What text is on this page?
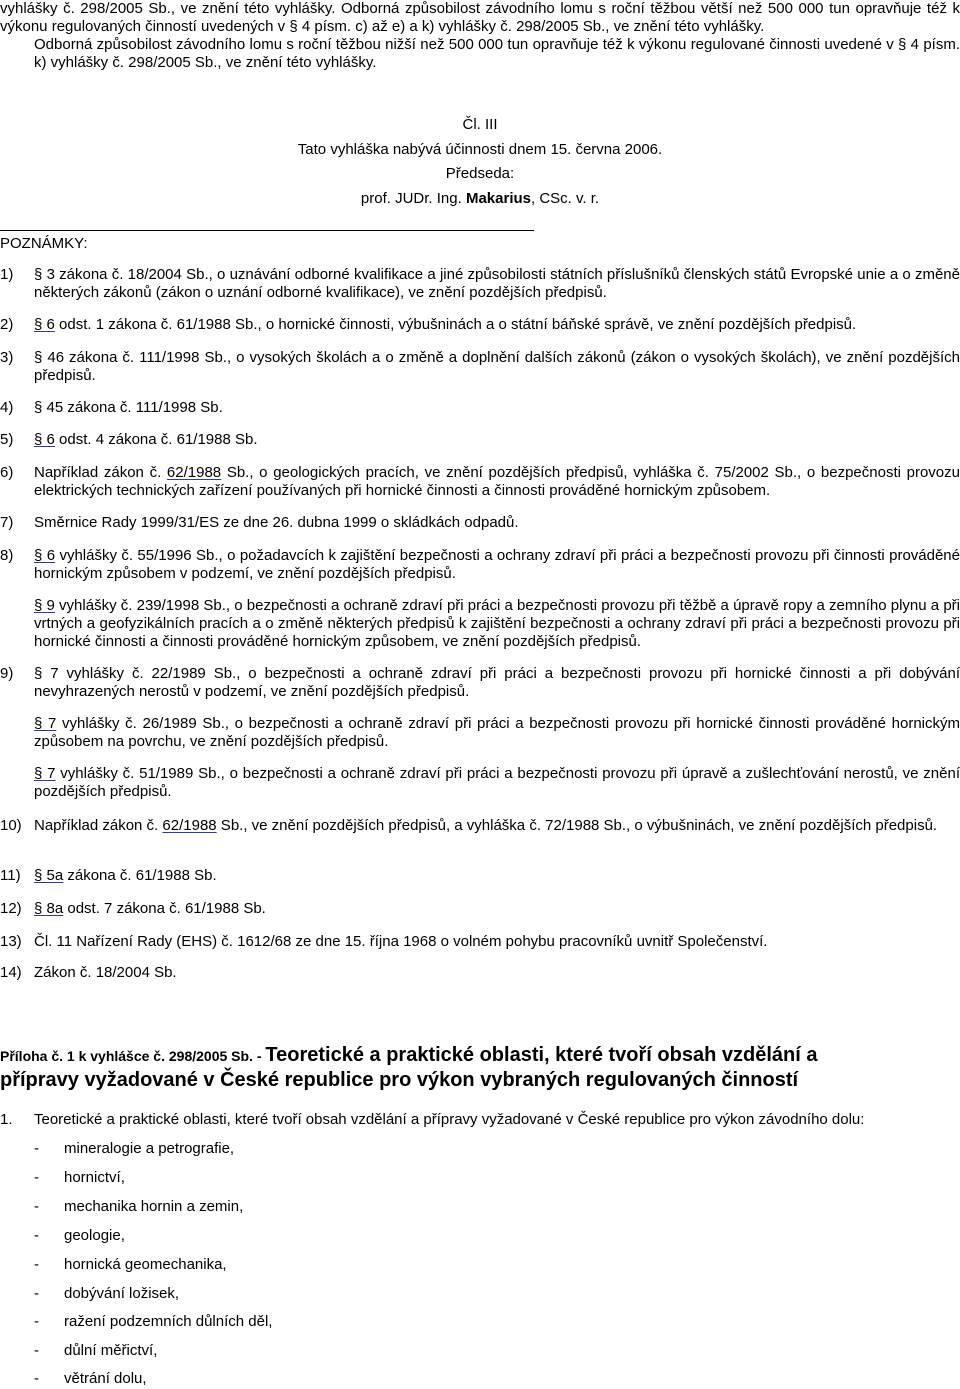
vyhlášky č. 298/2005 Sb., ve znění této vyhlášky. Odborná způsobilost závodního lomu s roční těžbou větší než 500 000 tun opravňuje též k výkonu regulovaných činností uvedených v § 4 písm. c) až e) a k) vyhlášky č. 298/2005 Sb., ve znění této vyhlášky.

Odborná způsobilost závodního lomu s roční těžbou nižší než 500 000 tun opravňuje též k výkonu regulované činnosti uvedené v § 4 písm. k) vyhlášky č. 298/2005 Sb., ve znění této vyhlášky.

Čl. III
Tato vyhláška nabývá účinnosti dnem 15. června 2006.
Předseda:
prof. JUDr. Ing. Makarius, CSc. v. r.
POZNÁMKY:
1)	§ 3 zákona č. 18/2004 Sb., o uznávání odborné kvalifikace a jiné způsobilosti státních příslušníků členských států Evropské unie a o změně některých zákonů (zákon o uznání odborné kvalifikace), ve znění pozdějších předpisů.
2)	§ 6 odst. 1 zákona č. 61/1988 Sb., o hornické činnosti, výbušninách a o státní báňské správě, ve znění pozdějších předpisů.
3)	§ 46 zákona č. 111/1998 Sb., o vysokých školách a o změně a doplnění dalších zákonů (zákon o vysokých školách), ve znění pozdějších předpisů.
4)	§ 45 zákona č. 111/1998 Sb.
5)	§ 6 odst. 4 zákona č. 61/1988 Sb.
6)	Například zákon č. 62/1988 Sb., o geologických pracích, ve znění pozdějších předpisů, vyhláška č. 75/2002 Sb., o bezpečnosti provozu elektrických technických zařízení používaných při hornické činnosti a činnosti prováděné hornickým způsobem.
7)	Směrnice Rady 1999/31/ES ze dne 26. dubna 1999 o skládkách odpadů.
8)	§ 6 vyhlášky č. 55/1996 Sb., o požadavcích k zajištění bezpečnosti a ochrany zdraví při práci a bezpečnosti provozu při činnosti prováděné hornickým způsobem v podzemí, ve znění pozdějších předpisů.
§ 9 vyhlášky č. 239/1998 Sb., o bezpečnosti a ochraně zdraví při práci a bezpečnosti provozu při těžbě a úpravě ropy a zemního plynu a při vrtných a geofyzikálních pracích a o změně některých předpisů k zajištění bezpečnosti a ochrany zdraví při práci a bezpečnosti provozu při hornické činnosti a činnosti prováděné hornickým způsobem, ve znění pozdějších předpisů.
9)	§ 7 vyhlášky č. 22/1989 Sb., o bezpečnosti a ochraně zdraví při práci a bezpečnosti provozu při hornické činnosti a při dobývání nevyhrazených nerostů v podzemí, ve znění pozdějších předpisů.
§ 7 vyhlášky č. 26/1989 Sb., o bezpečnosti a ochraně zdraví při práci a bezpečnosti provozu při hornické činnosti prováděné hornickým způsobem na povrchu, ve znění pozdějších předpisů.
§ 7 vyhlášky č. 51/1989 Sb., o bezpečnosti a ochraně zdraví při práci a bezpečnosti provozu při úpravě a zušlechťování nerostů, ve znění pozdějších předpisů.
10) Například zákon č. 62/1988 Sb., ve znění pozdějších předpisů, a vyhláška č. 72/1988 Sb., o výbušninách, ve znění pozdějších předpisů.
11) § 5a zákona č. 61/1988 Sb.
12) § 8a odst. 7 zákona č. 61/1988 Sb.
13) Čl. 11 Nařízení Rady (EHS) č. 1612/68 ze dne 15. října 1968 o volném pohybu pracovníků uvnitř Společenství.
14) Zákon č. 18/2004 Sb.
Příloha č. 1 k vyhlášce č. 298/2005 Sb. - Teoretické a praktické oblasti, které tvoří obsah vzdělání a přípravy vyžadované v České republice pro výkon vybraných regulovaných činností
1. Teoretické a praktické oblasti, které tvoří obsah vzdělání a přípravy vyžadované v České republice pro výkon závodního dolu:
- mineralogie a petrografie,
- hornictví,
- mechanika hornin a zemin,
- geologie,
- hornická geomechanika,
- dobývání ložisek,
- ražení podzemních důlních děl,
- důlní měřictví,
- větrání dolu,
